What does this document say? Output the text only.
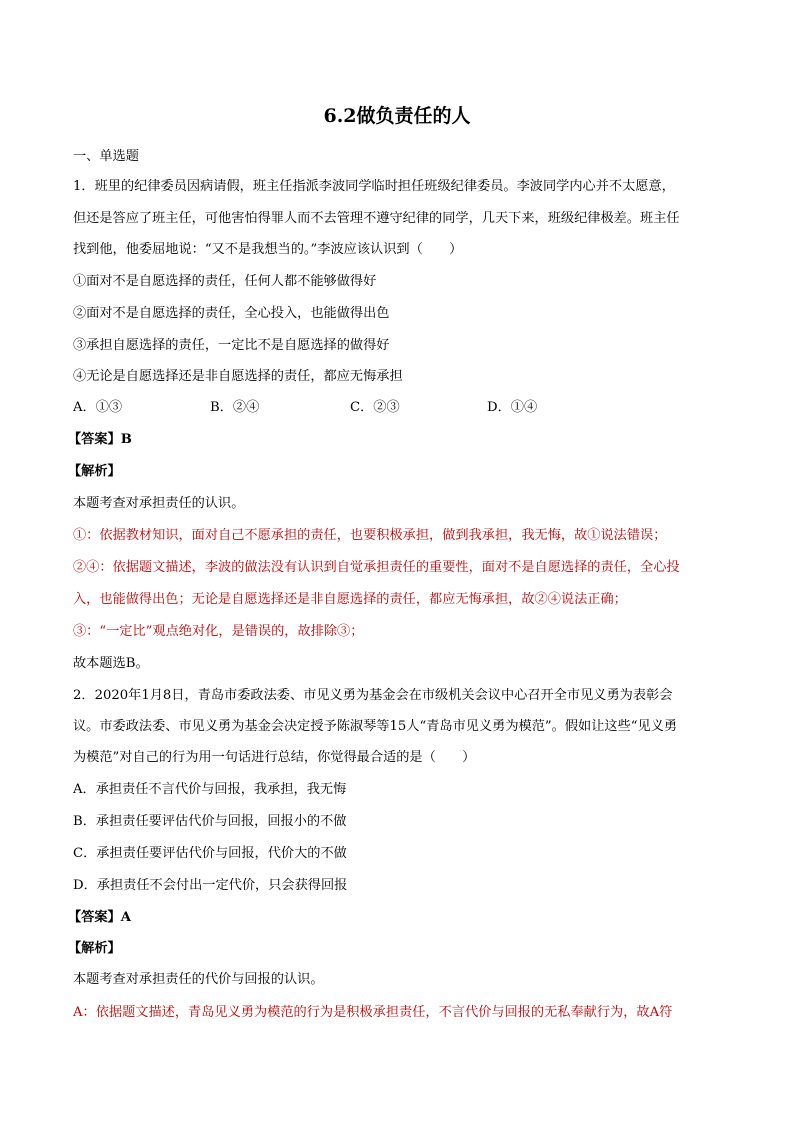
6.2做负责任的人
一、单选题
1．班里的纪律委员因病请假，班主任指派李波同学临时担任班级纪律委员。李波同学内心并不太愿意，
但还是答应了班主任，可他害怕得罪人而不去管理不遵守纪律的同学，几天下来，班级纪律极差。班主任
找到他，他委屈地说：“又不是我想当的。”李波应该认识到（　　）
①面对不是自愿选择的责任，任何人都不能够做得好
②面对不是自愿选择的责任，全心投入，也能做得出色
③承担自愿选择的责任，一定比不是自愿选择的做得好
④无论是自愿选择还是非自愿选择的责任，都应无悔承担
A．①③	B．②④	C．②③	D．①④
【答案】B
【解析】
本题考查对承担责任的认识。
①：依据教材知识，面对自己不愿承担的责任，也要积极承担，做到我承担，我无悔，故①说法错误；
②④：依据题文描述，李波的做法没有认识到自觉承担责任的重要性，面对不是自愿选择的责任，全心投
入，也能做得出色；无论是自愿选择还是非自愿选择的责任，都应无悔承担，故②④说法正确；
③：“一定比”观点绝对化，是错误的，故排除③；
故本题选B。
2．2020年1月8日，青岛市委政法委、市见义勇为基金会在市级机关会议中心召开全市见义勇为表彰会
议。市委政法委、市见义勇为基金会决定授予陈淑琴等15人“青岛市见义勇为模范”。假如让这些“见义勇
为模范”对自己的行为用一句话进行总结，你觉得最合适的是（　　）
A．承担责任不言代价与回报，我承担，我无悔
B．承担责任要评估代价与回报，回报小的不做
C．承担责任要评估代价与回报，代价大的不做
D．承担责任不会付出一定代价，只会获得回报
【答案】A
【解析】
本题考查对承担责任的代价与回报的认识。
A：依据题文描述，青岛见义勇为模范的行为是积极承担责任，不言代价与回报的无私奉献行为，故A符
